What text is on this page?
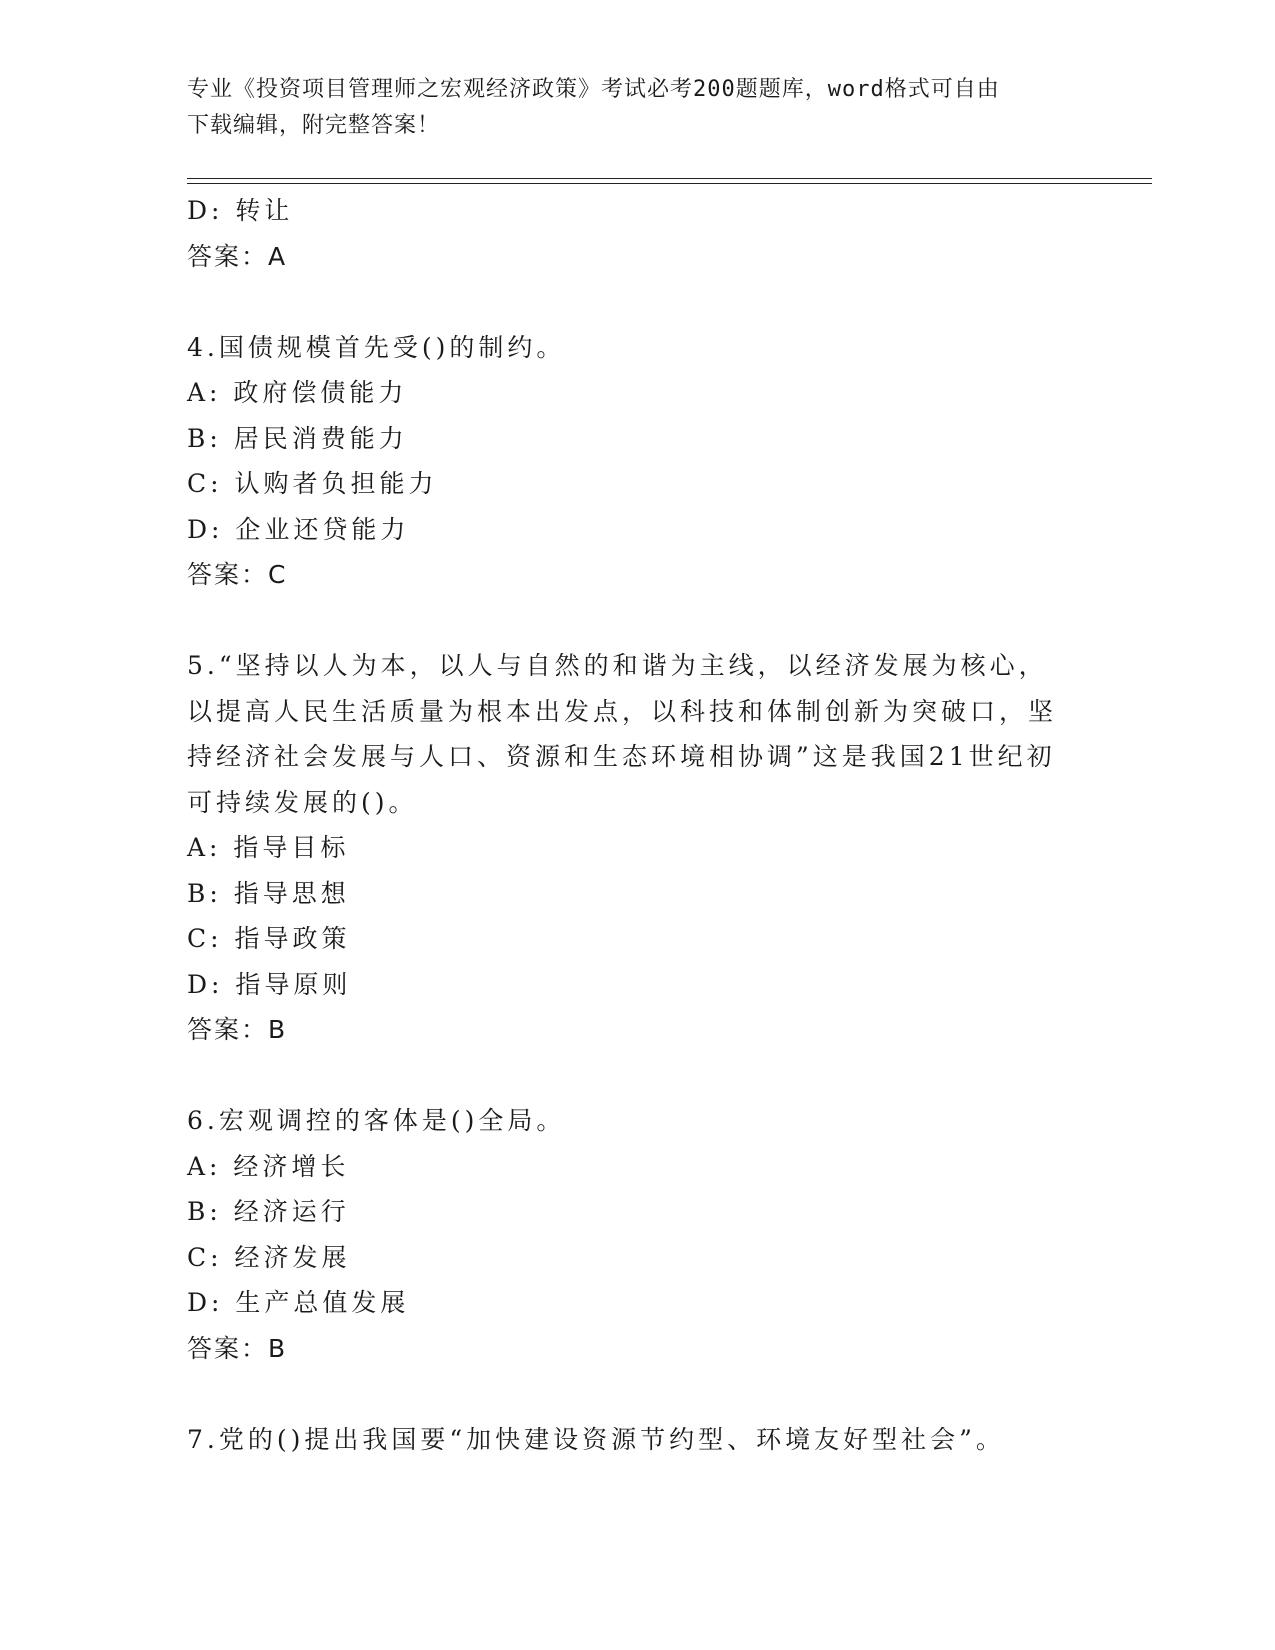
专业《投资项目管理师之宏观经济政策》考试必考200题题库，word格式可自由
下载编辑，附完整答案！
D: 转让
答案：A
4.国债规模首先受()的制约。
A: 政府偿债能力
B: 居民消费能力
C: 认购者负担能力
D: 企业还贷能力
答案：C
5.“坚持以人为本，以人与自然的和谐为主线，以经济发展为核心，
以提高人民生活质量为根本出发点，以科技和体制创新为突破口，坚
持经济社会发展与人口、资源和生态环境相协调”这是我国21世纪初
可持续发展的()。
A: 指导目标
B: 指导思想
C: 指导政策
D: 指导原则
答案：B
6.宏观调控的客体是()全局。
A: 经济增长
B: 经济运行
C: 经济发展
D: 生产总值发展
答案：B
7.党的()提出我国要“加快建设资源节约型、环境友好型社会”。
